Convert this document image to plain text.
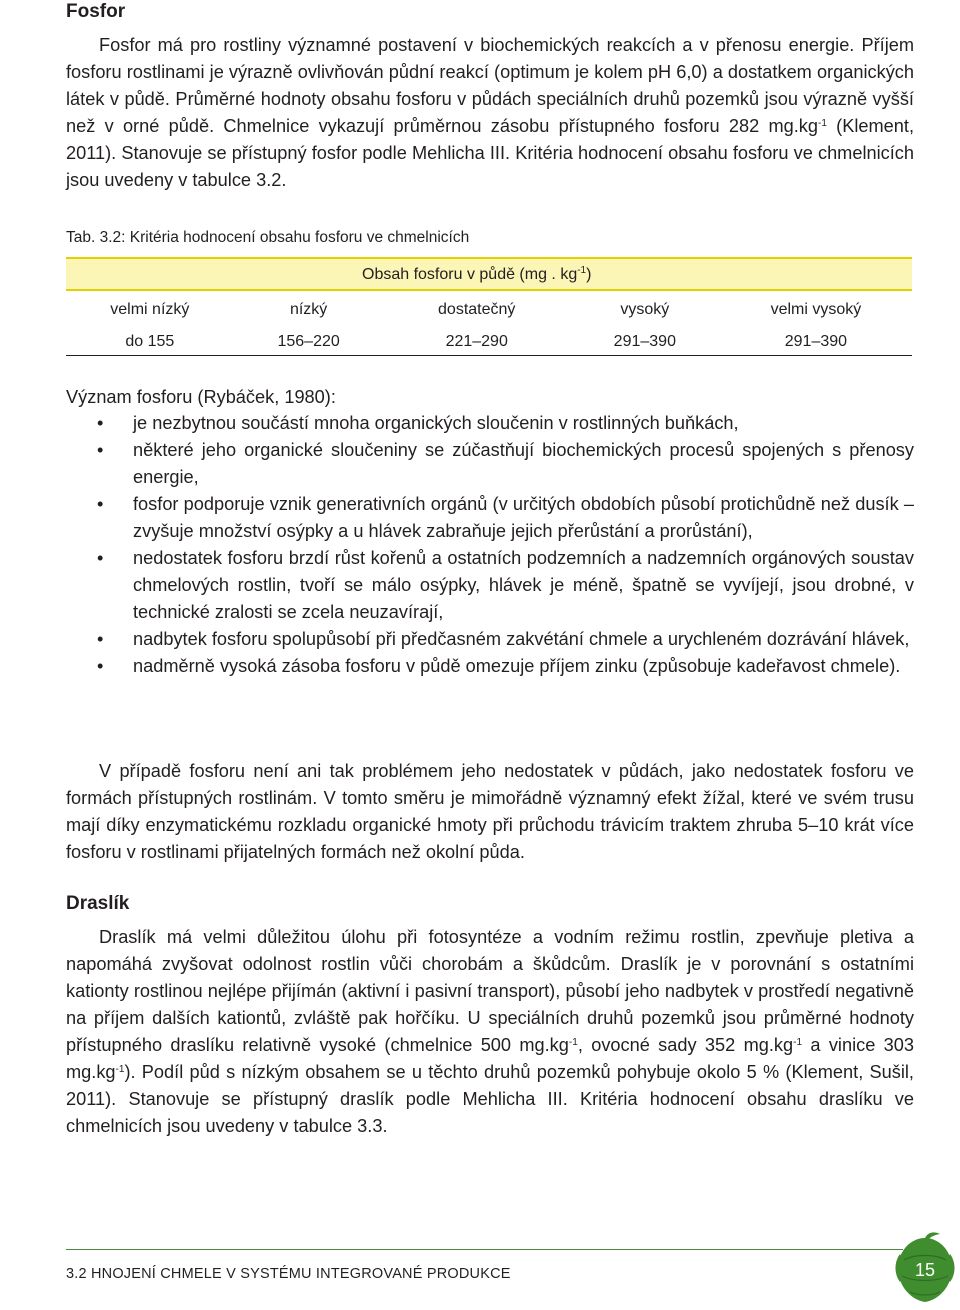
Fosfor

Fosfor má pro rostliny významné postavení v biochemických reakcích a v přenosu energie. Příjem fosforu rostlinami je výrazně ovlivňován půdní reakcí (optimum je kolem pH 6,0) a dostatkem organických látek v půdě. Průměrné hodnoty obsahu fosforu v půdách speciálních druhů pozemků jsou výrazně vyšší než v orné půdě. Chmelnice vykazují průměrnou zásobu přístupného fosforu 282 $mg.kg^{-1}$ (Klement, 2011). Stanovuje se přístupný fosfor podle Mehlicha III. Kritéria hodnocení obsahu fosforu ve chmelnicích jsou uvedeny v tabulce 3.2.

Tab. 3.2: Kritéria hodnocení obsahu fosforu ve chmelnicích
	Obsah fosforu v půdě (mg . $kg^{-1}$)			
velmi nízký	nízký	dostatečný	vysoký	velmi vysoký
do 155	156–220	221–290	291–390	291–390

Význam fosforu (Rybáček, 1980):

• je nezbytnou součástí mnoha organických sloučenin v rostlinných buňkách,
• některé jeho organické sloučeniny se zúčastňují biochemických procesů spojených s přenosy energie,
• fosfor podporuje vznik generativních orgánů (v určitých obdobích působí protichůdně než dusík – zvyšuje množství osýpky a u hlávek zabraňuje jejich přerůstání a prorůstání),
• nedostatek fosforu brzdí růst kořenů a ostatních podzemních a nadzemních orgánových soustav chmelových rostlin, tvoří se málo osýpky, hlávek je méně, špatně se vyvíjejí, jsou drobné, v technické zralosti se zcela neuzavírají,
• nadbytek fosforu spolupůsobí při předčasném zakvétání chmele a urychleném dozrávání hlávek,
• nadměrně vysoká zásoba fosforu v půdě omezuje příjem zinku (způsobuje kadeřavost chmele).

V případě fosforu není ani tak problémem jeho nedostatek v půdách, jako nedostatek fosforu ve formách přístupných rostlinám. V tomto směru je mimořádně významný efekt žížal, které ve svém trusu mají díky enzymatickému rozkladu organické hmoty při průchodu trávicím traktem zhruba 5–10 krát více fosforu v rostlinami přijatelných formách než okolní půda.

Draslík

Draslík má velmi důležitou úlohu při fotosyntéze a vodním režimu rostlin, zpevňuje pletiva a napomáhá zvyšovat odolnost rostlin vůči chorobám a škůdcům. Draslík je v porovnání s ostatními kationty rostlinou nejlépe přijímán (aktivní i pasivní transport), působí jeho nadbytek v prostředí negativně na příjem dalších kationtů, zvláště pak hořčíku. U speciálních druhů pozemků jsou průměrné hodnoty přístupného draslíku relativně vysoké (chmelnice 500 $mg.kg^{-1}$, ovocné sady 352 $mg.kg^{-1}$ a vinice 303 $mg.kg^{-1}$). Podíl půd s nízkým obsahem se u těchto druhů pozemků pohybuje okolo 5 % (Klement, Sušil, 2011). Stanovuje se přístupný draslík podle Mehlicha III. Kritéria hodnocení obsahu draslíku ve chmelnicích jsou uvedeny v tabulce 3.3.

3.2 HNOJENÍ CHMELE V SYSTÉMU INTEGROVANÉ PRODUKCE	15
